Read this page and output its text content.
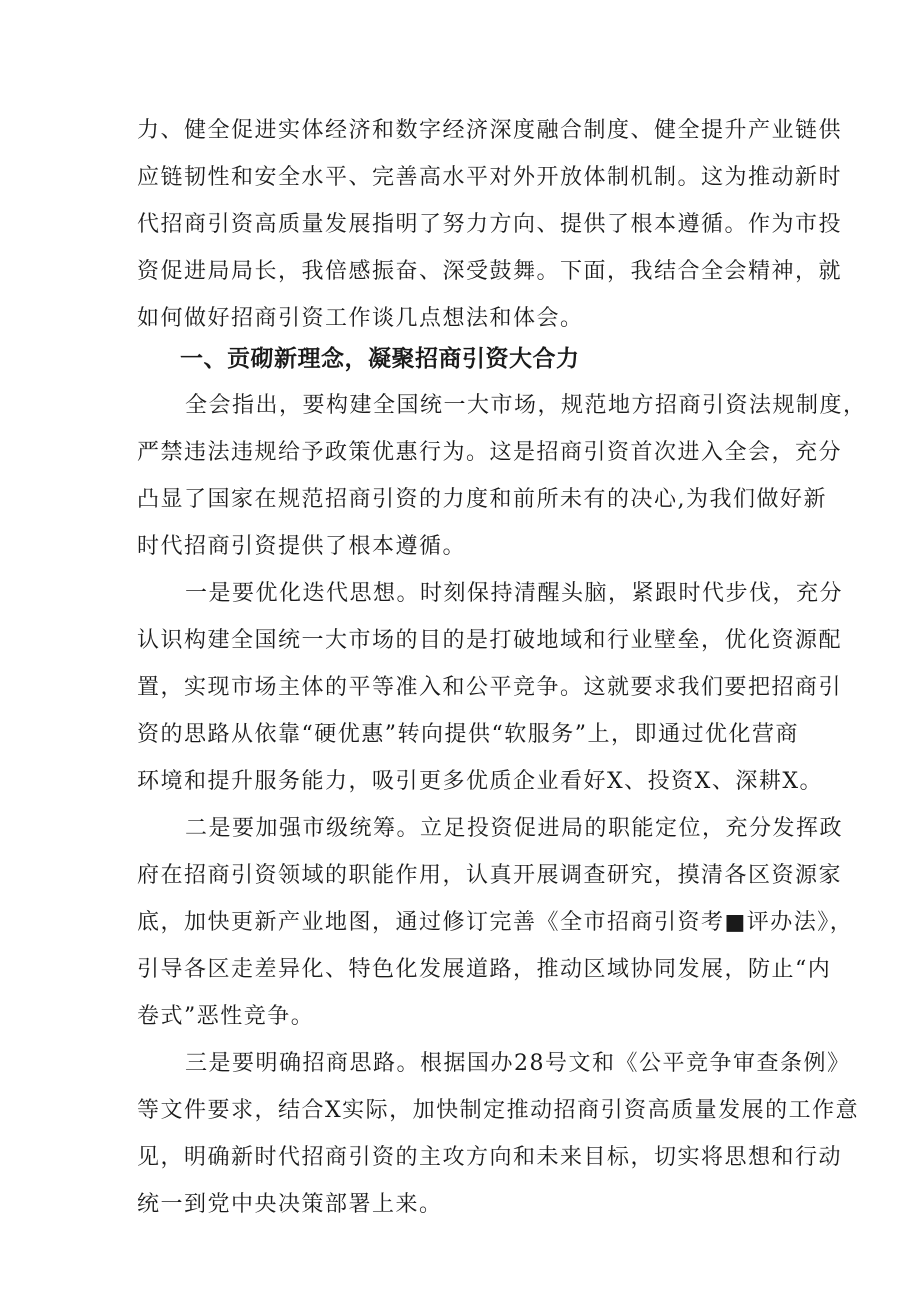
力、健全促进实体经济和数字经济深度融合制度、健全提升产业链供

应链韧性和安全水平、完善高水平对外开放体制机制。这为推动新时

代招商引资高质量发展指明了努力方向、提供了根本遵循。作为市投

资促进局局长，我倍感振奋、深受鼓舞。下面，我结合全会精神，就

如何做好招商引资工作谈几点想法和体会。

一、贡砌新理念，凝聚招商引资大合力

全会指出，要构建全国统一大市场，规范地方招商引资法规制度，

严禁违法违规给予政策优惠行为。这是招商引资首次进入全会，充分

凸显了国家在规范招商引资的力度和前所未有的决心,为我们做好新

时代招商引资提供了根本遵循。

一是要优化迭代思想。时刻保持清醒头脑，紧跟时代步伐，充分

认识构建全国统一大市场的目的是打破地域和行业壁垒，优化资源配

置，实现市场主体的平等准入和公平竞争。这就要求我们要把招商引

资的思路从依靠“硬优惠”转向提供“软服务”上，即通过优化营商

环境和提升服务能力，吸引更多优质企业看好X、投资X、深耕X。

二是要加强市级统筹。立足投资促进局的职能定位，充分发挥政

府在招商引资领域的职能作用，认真开展调查研究，摸清各区资源家

底，加快更新产业地图，通过修订完善《全市招商引资考■评办法》，

引导各区走差异化、特色化发展道路，推动区域协同发展，防止“内

卷式”恶性竞争。

三是要明确招商思路。根据国办28号文和《公平竞争审查条例》

等文件要求，结合X实际，加快制定推动招商引资高质量发展的工作意

见，明确新时代招商引资的主攻方向和未来目标，切实将思想和行动

统一到党中央决策部署上来。
